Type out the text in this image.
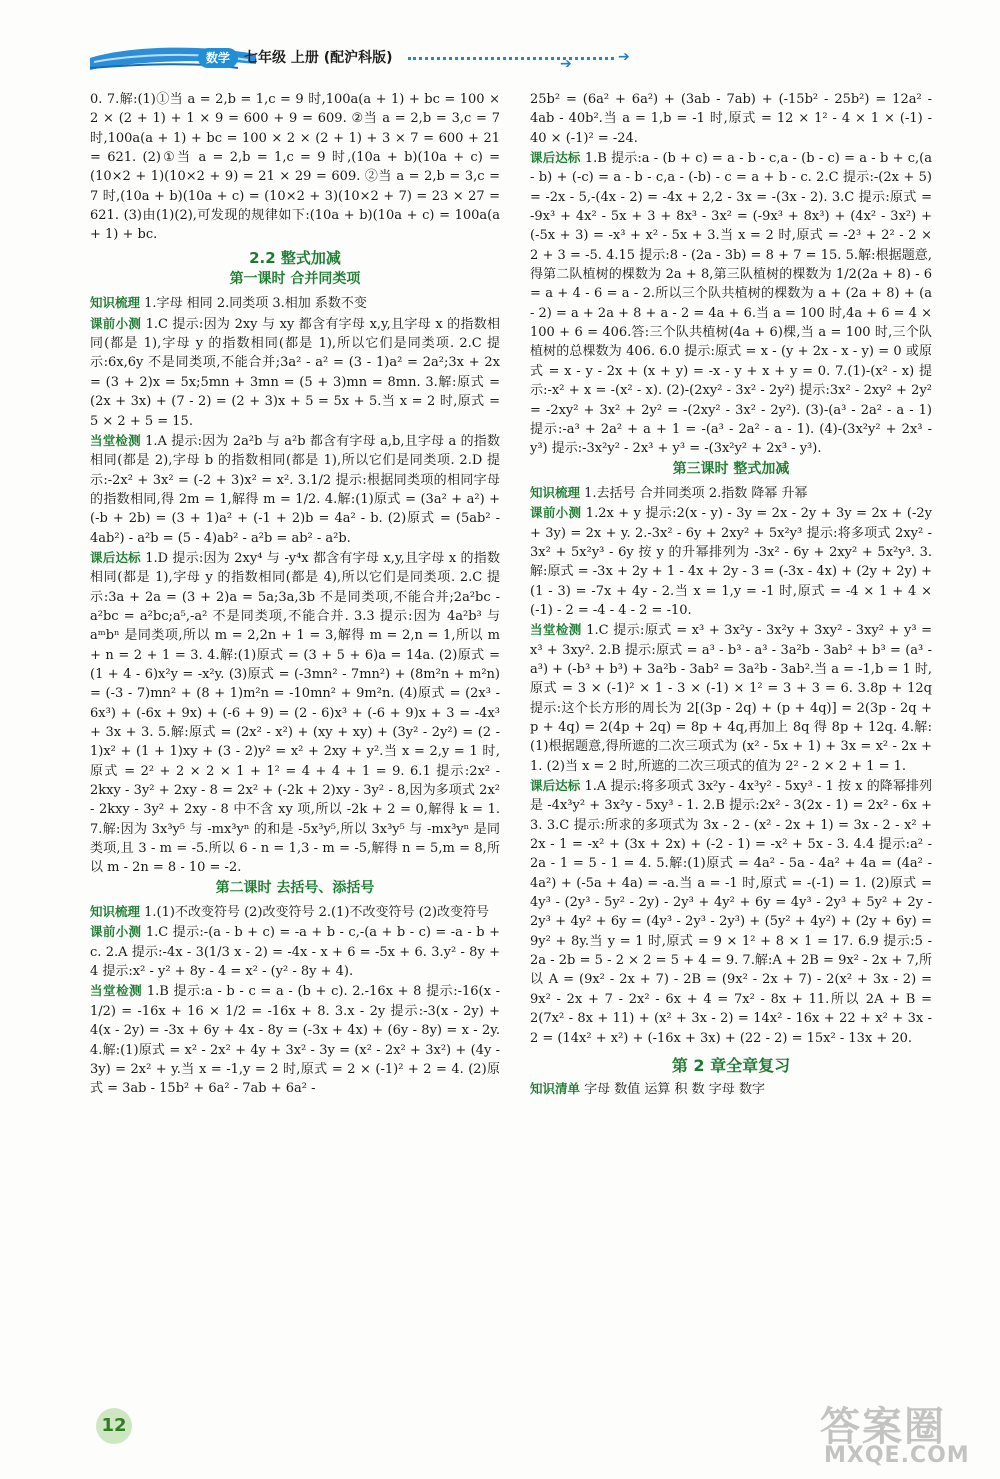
数学	七年级 上册 (配沪科版)	➔	➔
0. 7.解:(1)①当 a = 2,b = 1,c = 9 时,100a(a + 1) + bc = 100 × 2 × (2 + 1) + 1 × 9 = 600 + 9 = 609. ②当 a = 2,b = 3,c = 7 时,100a(a + 1) + bc = 100 × 2 × (2 + 1) + 3 × 7 = 600 + 21 = 621. (2)①当 a = 2,b = 1,c = 9 时,(10a + b)(10a + c) = (10×2 + 1)(10×2 + 9) = 21 × 29 = 609. ②当 a = 2,b = 3,c = 7 时,(10a + b)(10a + c) = (10×2 + 3)(10×2 + 7) = 23 × 27 = 621. (3)由(1)(2),可发现的规律如下:(10a + b)(10a + c) = 100a(a + 1) + bc.
2.2 整式加减
第一课时 合并同类项
知识梳理 1.字母 相同 2.同类项 3.相加 系数不变
课前小测 1.C 提示:因为 2xy 与 xy 都含有字母 x,y,且字母 x 的指数相同(都是 1),字母 y 的指数相同(都是 1),所以它们是同类项. 2.C 提示:6x,6y 不是同类项,不能合并;3a² - a² = (3 - 1)a² = 2a²;3x + 2x = (3 + 2)x = 5x;5mn + 3mn = (5 + 3)mn = 8mn. 3.解:原式 = (2x + 3x) + (7 - 2) = (2 + 3)x + 5 = 5x + 5.当 x = 2 时,原式 = 5 × 2 + 5 = 15.
当堂检测 1.A 提示:因为 2a²b 与 a²b 都含有字母 a,b,且字母 a 的指数相同(都是 2),字母 b 的指数相同(都是 1),所以它们是同类项. 2.D 提示:-2x² + 3x² = (-2 + 3)x² = x². 3.1/2 提示:根据同类项的相同字母的指数相同,得 2m = 1,解得 m = 1/2. 4.解:(1)原式 = (3a² + a²) + (-b + 2b) = (3 + 1)a² + (-1 + 2)b = 4a² - b. (2)原式 = (5ab² - 4ab²) - a²b = (5 - 4)ab² - a²b = ab² - a²b.
课后达标 1.D 提示:因为 2xy⁴ 与 -y⁴x 都含有字母 x,y,且字母 x 的指数相同(都是 1),字母 y 的指数相同(都是 4),所以它们是同类项. 2.C 提示:3a + 2a = (3 + 2)a = 5a;3a,3b 不是同类项,不能合并;2a²bc - a²bc = a²bc;a⁵,-a² 不是同类项,不能合并. 3.3 提示:因为 4a²b³ 与 aᵐbⁿ 是同类项,所以 m = 2,2n + 1 = 3,解得 m = 2,n = 1,所以 m + n = 2 + 1 = 3. 4.解:(1)原式 = (3 + 5 + 6)a = 14a. (2)原式 = (1 + 4 - 6)x²y = -x²y. (3)原式 = (-3mn² - 7mn²) + (8m²n + m²n) = (-3 - 7)mn² + (8 + 1)m²n = -10mn² + 9m²n. (4)原式 = (2x³ - 6x³) + (-6x + 9x) + (-6 + 9) = (2 - 6)x³ + (-6 + 9)x + 3 = -4x³ + 3x + 3. 5.解:原式 = (2x² - x²) + (xy + xy) + (3y² - 2y²) = (2 - 1)x² + (1 + 1)xy + (3 - 2)y² = x² + 2xy + y².当 x = 2,y = 1 时,原式 = 2² + 2 × 2 × 1 + 1² = 4 + 4 + 1 = 9. 6.1 提示:2x² - 2kxy - 3y² + 2xy - 8 = 2x² + (-2k + 2)xy - 3y² - 8,因为多项式 2x² - 2kxy - 3y² + 2xy - 8 中不含 xy 项,所以 -2k + 2 = 0,解得 k = 1. 7.解:因为 3x³y⁵ 与 -mx³yⁿ 的和是 -5x³y⁵,所以 3x³y⁵ 与 -mx³yⁿ 是同类项,且 3 - m = -5.所以 6 - n = 1,3 - m = -5,解得 n = 5,m = 8,所以 m - 2n = 8 - 10 = -2.
第二课时 去括号、添括号
知识梳理 1.(1)不改变符号 (2)改变符号 2.(1)不改变符号 (2)改变符号
课前小测 1.C 提示:-(a - b + c) = -a + b - c,-(a + b - c) = -a - b + c. 2.A 提示:-4x - 3(1/3 x - 2) = -4x - x + 6 = -5x + 6. 3.y² - 8y + 4 提示:x² - y² + 8y - 4 = x² - (y² - 8y + 4).
当堂检测 1.B 提示:a - b - c = a - (b + c). 2.-16x + 8 提示:-16(x - 1/2) = -16x + 16 × 1/2 = -16x + 8. 3.x - 2y 提示:-3(x - 2y) + 4(x - 2y) = -3x + 6y + 4x - 8y = (-3x + 4x) + (6y - 8y) = x - 2y. 4.解:(1)原式 = x² - 2x² + 4y + 3x² - 3y = (x² - 2x² + 3x²) + (4y - 3y) = 2x² + y.当 x = -1,y = 2 时,原式 = 2 × (-1)² + 2 = 4. (2)原式 = 3ab - 15b² + 6a² - 7ab + 6a² -
25b² = (6a² + 6a²) + (3ab - 7ab) + (-15b² - 25b²) = 12a² - 4ab - 40b².当 a = 1,b = -1 时,原式 = 12 × 1² - 4 × 1 × (-1) - 40 × (-1)² = -24.
课后达标 1.B 提示:a - (b + c) = a - b - c,a - (b - c) = a - b + c,(a - b) + (-c) = a - b - c,a - (-b) - c = a + b - c. 2.C 提示:-(2x + 5) = -2x - 5,-(4x - 2) = -4x + 2,2 - 3x = -(3x - 2). 3.C 提示:原式 = -9x³ + 4x² - 5x + 3 + 8x³ - 3x² = (-9x³ + 8x³) + (4x² - 3x²) + (-5x + 3) = -x³ + x² - 5x + 3.当 x = 2 时,原式 = -2³ + 2² - 2 × 2 + 3 = -5. 4.15 提示:8 - (2a - 3b) = 8 + 7 = 15. 5.解:根据题意,得第二队植树的棵数为 2a + 8,第三队植树的棵数为 1/2(2a + 8) - 6 = a + 4 - 6 = a - 2.所以三个队共植树的棵数为 a + (2a + 8) + (a - 2) = a + 2a + 8 + a - 2 = 4a + 6.当 a = 100 时,4a + 6 = 4 × 100 + 6 = 406.答:三个队共植树(4a + 6)棵,当 a = 100 时,三个队植树的总棵数为 406. 6.0 提示:原式 = x - (y + 2x - x - y) = 0 或原式 = x - y - 2x + (x + y) = -x - y + x + y = 0. 7.(1)-(x² - x) 提示:-x² + x = -(x² - x). (2)-(2xy² - 3x² - 2y²) 提示:3x² - 2xy² + 2y² = -2xy² + 3x² + 2y² = -(2xy² - 3x² - 2y²). (3)-(a³ - 2a² - a - 1) 提示:-a³ + 2a² + a + 1 = -(a³ - 2a² - a - 1). (4)-(3x²y² + 2x³ - y³) 提示:-3x²y² - 2x³ + y³ = -(3x²y² + 2x³ - y³).
第三课时 整式加减
知识梳理 1.去括号 合并同类项 2.指数 降幂 升幂
课前小测 1.2x + y 提示:2(x - y) - 3y = 2x - 2y + 3y = 2x + (-2y + 3y) = 2x + y. 2.-3x² - 6y + 2xy² + 5x²y³ 提示:将多项式 2xy² - 3x² + 5x²y³ - 6y 按 y 的升幂排列为 -3x² - 6y + 2xy² + 5x²y³. 3.解:原式 = -3x + 2y + 1 - 4x + 2y - 3 = (-3x - 4x) + (2y + 2y) + (1 - 3) = -7x + 4y - 2.当 x = 1,y = -1 时,原式 = -4 × 1 + 4 × (-1) - 2 = -4 - 4 - 2 = -10.
当堂检测 1.C 提示:原式 = x³ + 3x²y - 3x²y + 3xy² - 3xy² + y³ = x³ + 3xy². 2.B 提示:原式 = a³ - b³ - a³ - 3a²b - 3ab² + b³ = (a³ - a³) + (-b³ + b³) + 3a²b - 3ab² = 3a²b - 3ab².当 a = -1,b = 1 时,原式 = 3 × (-1)² × 1 - 3 × (-1) × 1² = 3 + 3 = 6. 3.8p + 12q 提示:这个长方形的周长为 2[(3p - 2q) + (p + 4q)] = 2(3p - 2q + p + 4q) = 2(4p + 2q) = 8p + 4q,再加上 8q 得 8p + 12q. 4.解:(1)根据题意,得所遮的二次三项式为 (x² - 5x + 1) + 3x = x² - 2x + 1. (2)当 x = 2 时,所遮的二次三项式的值为 2² - 2 × 2 + 1 = 1.
课后达标 1.A 提示:将多项式 3x²y - 4x³y² - 5xy³ - 1 按 x 的降幂排列是 -4x³y² + 3x²y - 5xy³ - 1. 2.B 提示:2x² - 3(2x - 1) = 2x² - 6x + 3. 3.C 提示:所求的多项式为 3x - 2 - (x² - 2x + 1) = 3x - 2 - x² + 2x - 1 = -x² + (3x + 2x) + (-2 - 1) = -x² + 5x - 3. 4.4 提示:a² - 2a - 1 = 5 - 1 = 4. 5.解:(1)原式 = 4a² - 5a - 4a² + 4a = (4a² - 4a²) + (-5a + 4a) = -a.当 a = -1 时,原式 = -(-1) = 1. (2)原式 = 4y³ - (2y³ - 5y² - 2y) - 2y³ + 4y² + 6y = 4y³ - 2y³ + 5y² + 2y - 2y³ + 4y² + 6y = (4y³ - 2y³ - 2y³) + (5y² + 4y²) + (2y + 6y) = 9y² + 8y.当 y = 1 时,原式 = 9 × 1² + 8 × 1 = 17. 6.9 提示:5 - 2a - 2b = 5 - 2 × 2 = 5 + 4 = 9. 7.解:A + 2B = 9x² - 2x + 7,所以 A = (9x² - 2x + 7) - 2B = (9x² - 2x + 7) - 2(x² + 3x - 2) = 9x² - 2x + 7 - 2x² - 6x + 4 = 7x² - 8x + 11.所以 2A + B = 2(7x² - 8x + 11) + (x² + 3x - 2) = 14x² - 16x + 22 + x² + 3x - 2 = (14x² + x²) + (-16x + 3x) + (22 - 2) = 15x² - 13x + 20.
第 2 章全章复习
知识清单 字母 数值 运算 积 数 字母 数字
12	答案圈
MXQE.COM
